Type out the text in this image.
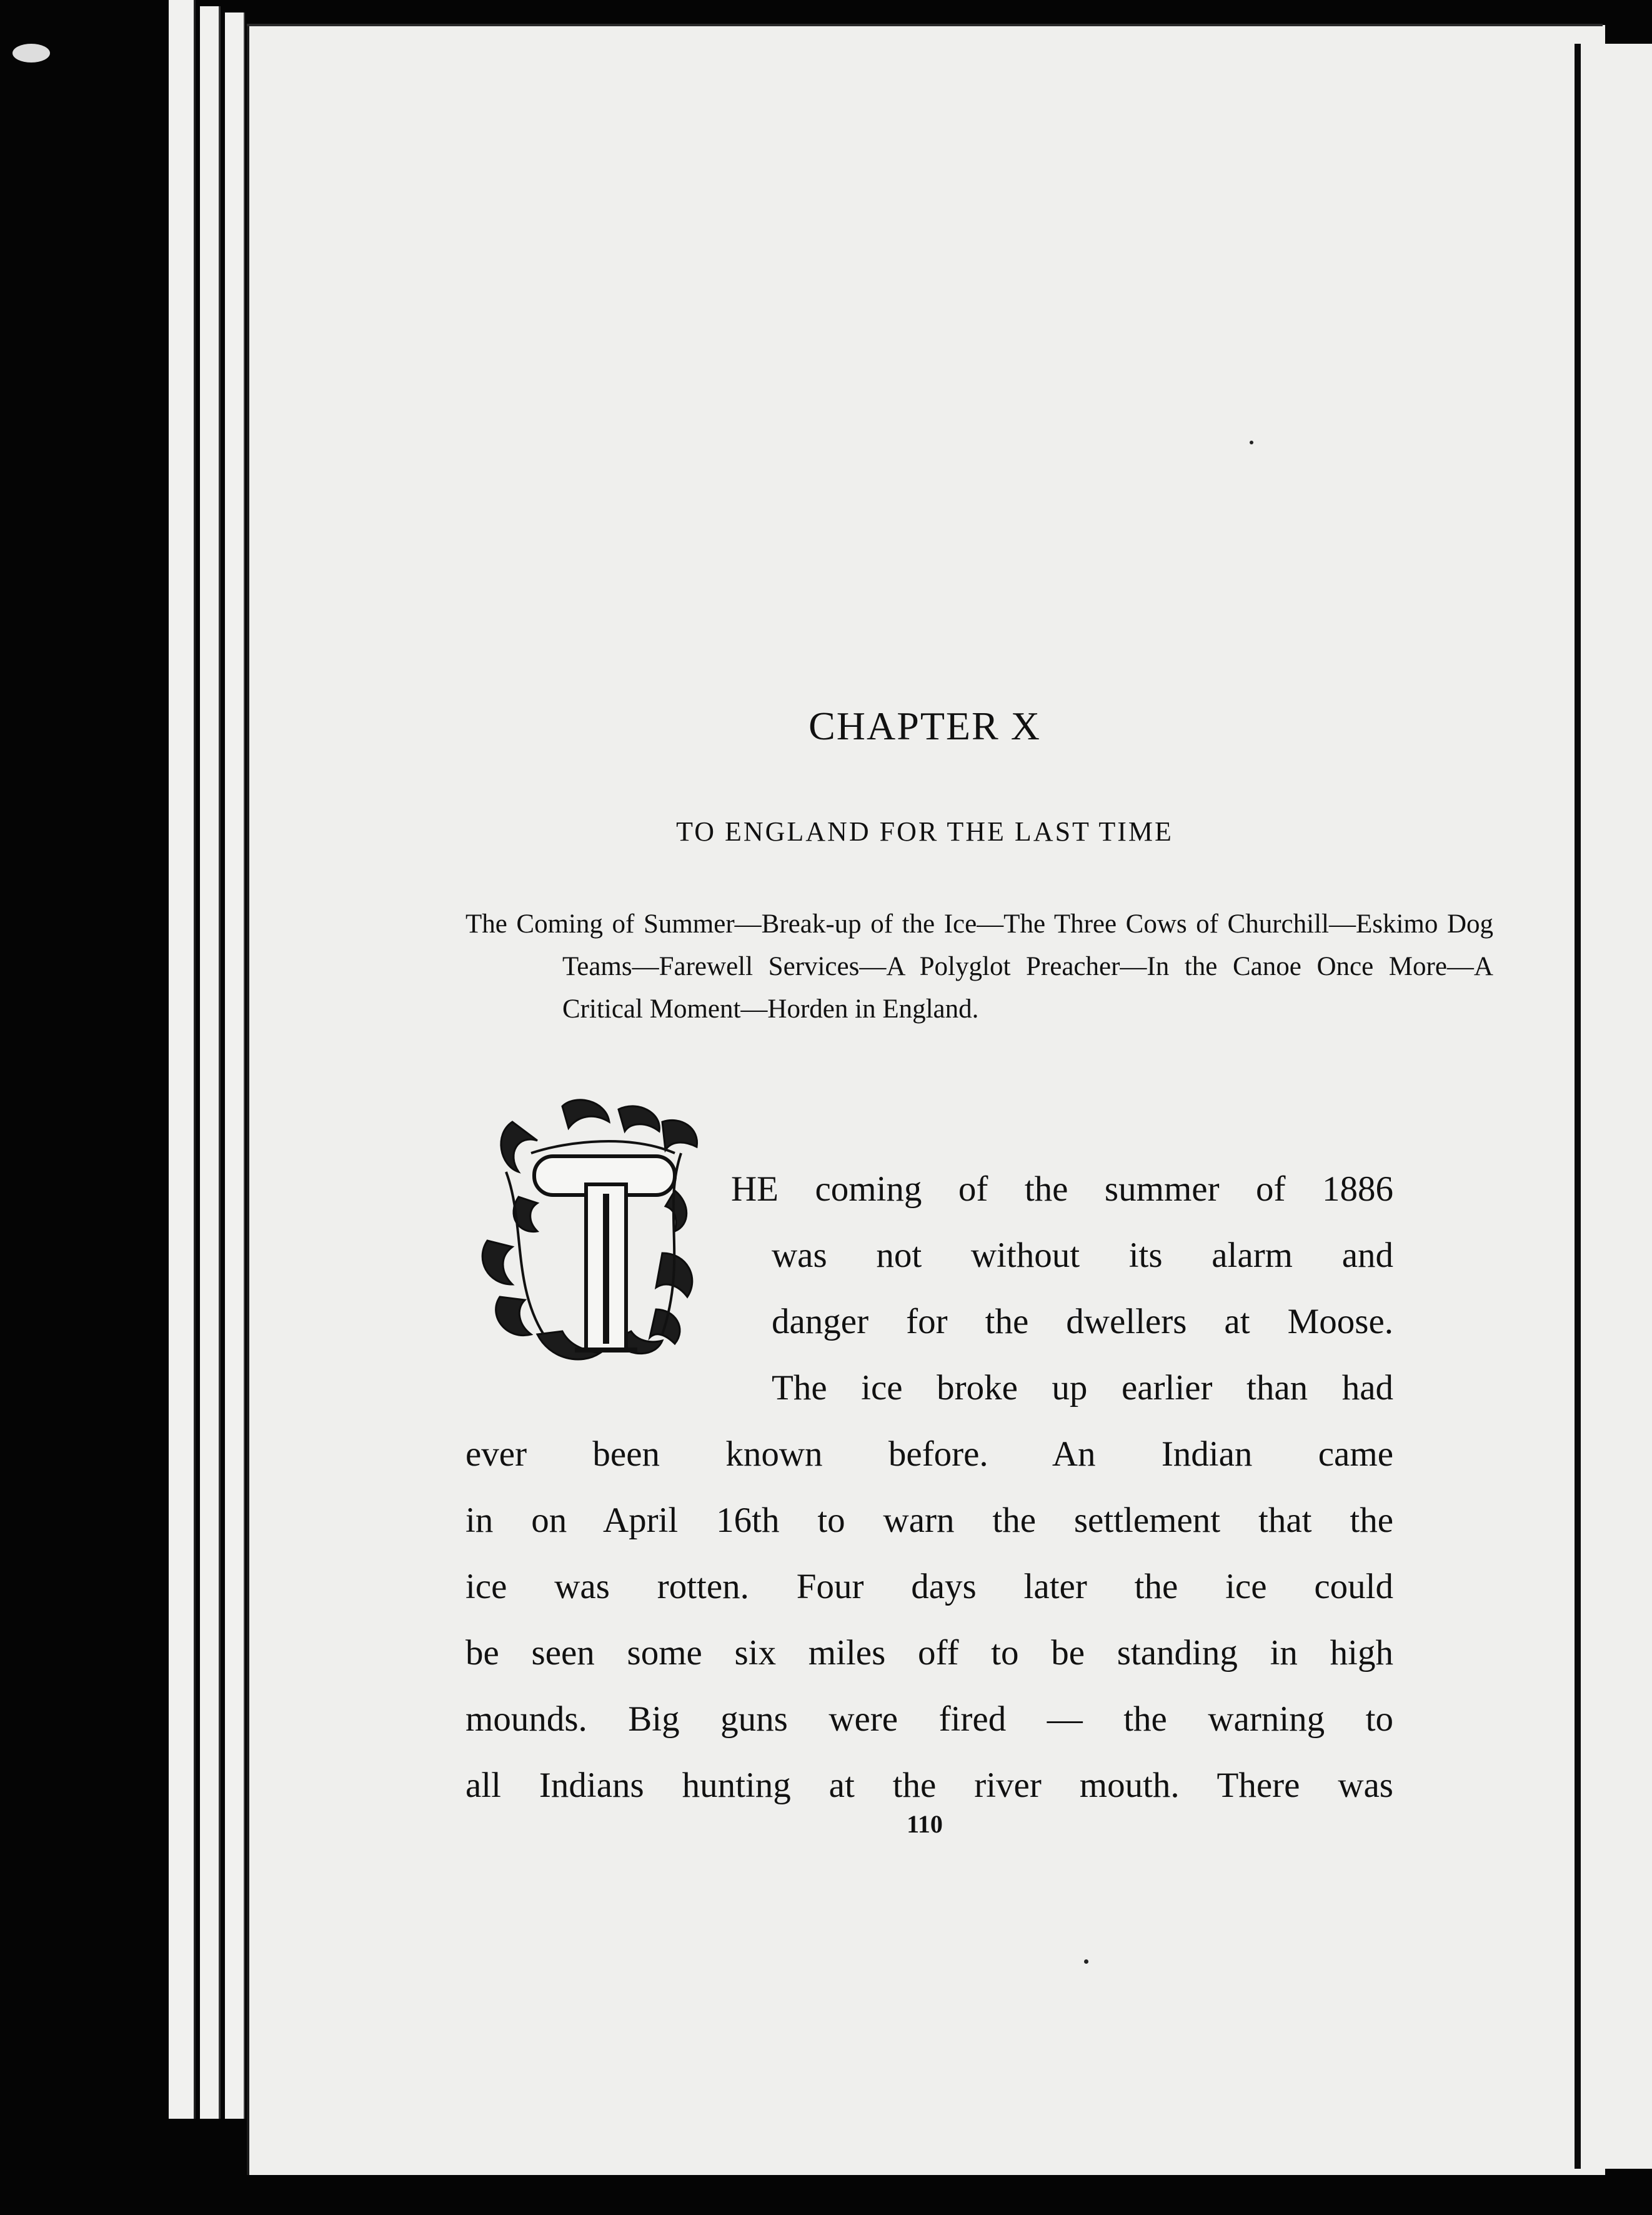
CHAPTER X
TO ENGLAND FOR THE LAST TIME
The Coming of Summer—Break-up of the Ice—The Three Cows of Churchill—Eskimo Dog Teams—Farewell Services—A Polyglot Preacher—In the Canoe Once More—A Critical Moment—Horden in England.
HE coming of the summer of 1886
was not without its alarm and
danger for the dwellers at Moose.
The ice broke up earlier than had
ever been known before. An Indian came
in on April 16th to warn the settlement that the
ice was rotten. Four days later the ice could
be seen some six miles off to be standing in high
mounds. Big guns were fired — the warning to
all Indians hunting at the river mouth. There was
110
